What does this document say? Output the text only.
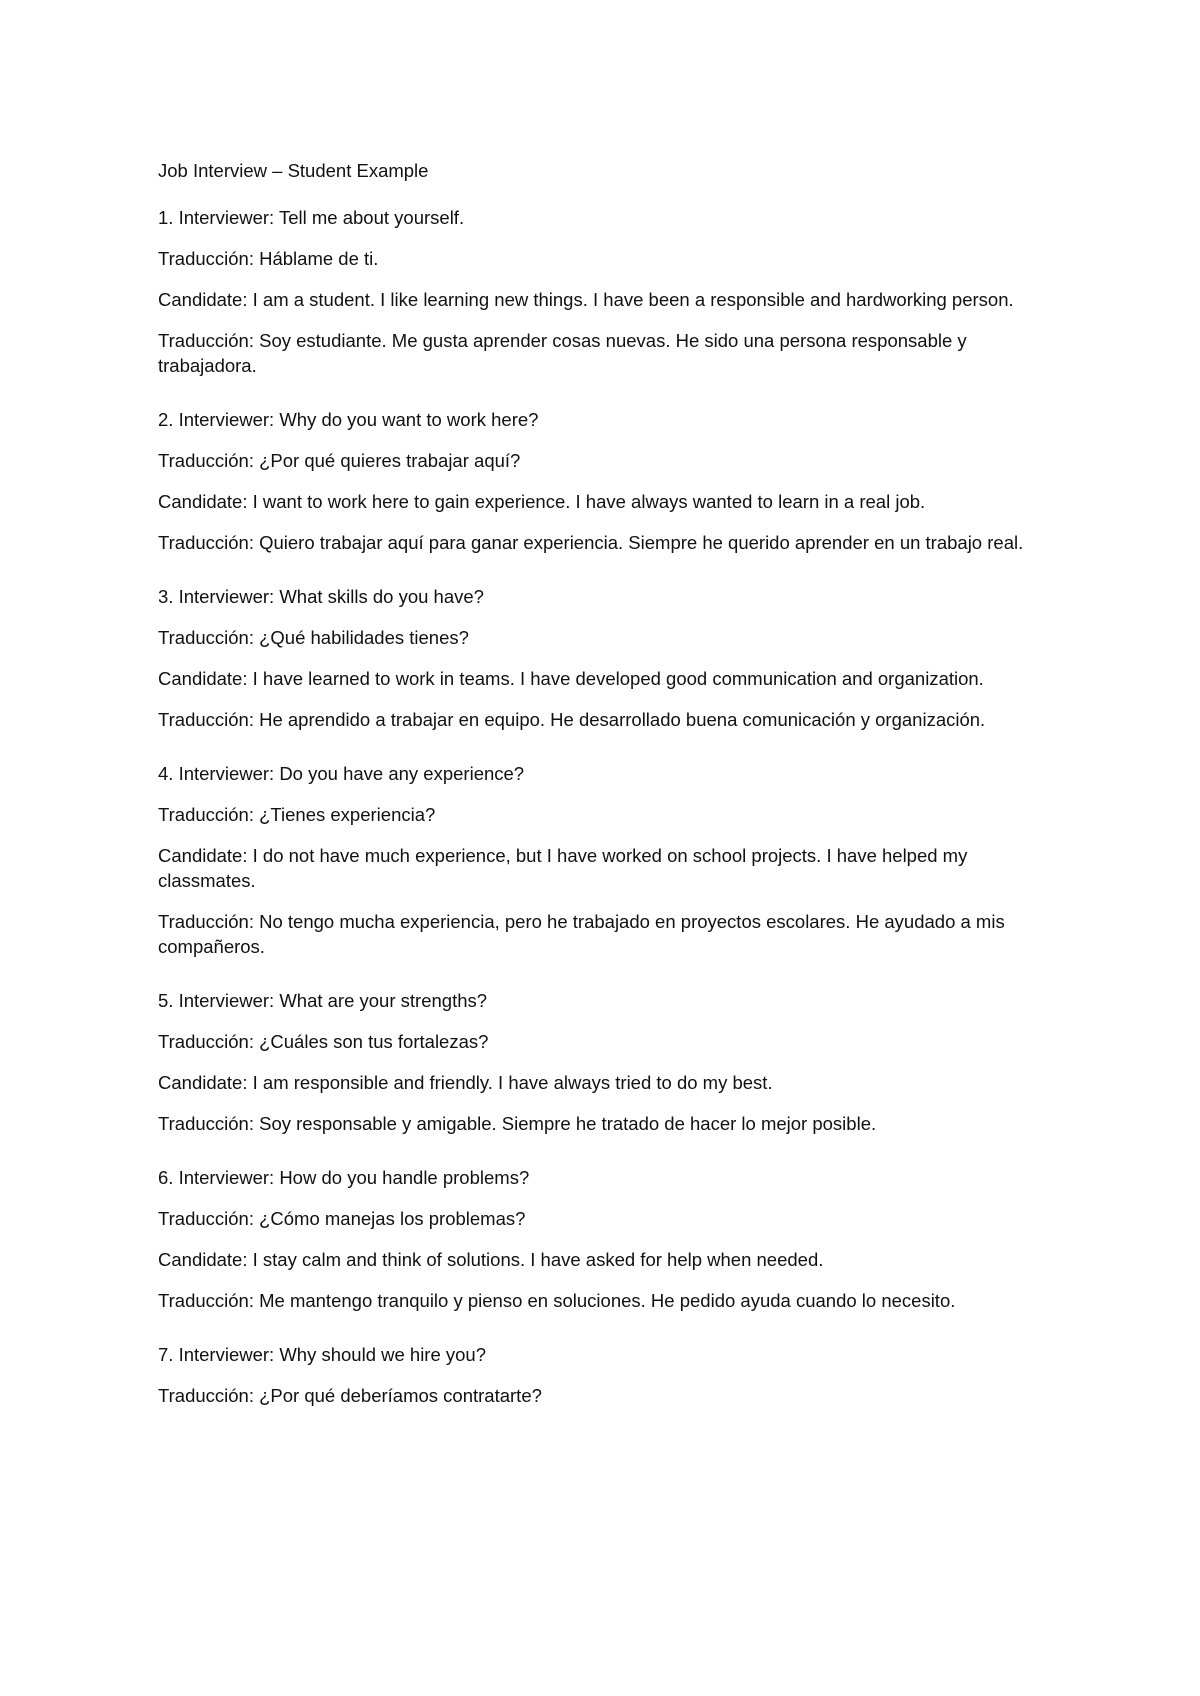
Job Interview – Student Example
1. Interviewer: Tell me about yourself.
Traducción: Háblame de ti.
Candidate: I am a student. I like learning new things. I have been a responsible and hardworking person.
Traducción: Soy estudiante. Me gusta aprender cosas nuevas. He sido una persona responsable y trabajadora.
2. Interviewer: Why do you want to work here?
Traducción: ¿Por qué quieres trabajar aquí?
Candidate: I want to work here to gain experience. I have always wanted to learn in a real job.
Traducción: Quiero trabajar aquí para ganar experiencia. Siempre he querido aprender en un trabajo real.
3. Interviewer: What skills do you have?
Traducción: ¿Qué habilidades tienes?
Candidate: I have learned to work in teams. I have developed good communication and organization.
Traducción: He aprendido a trabajar en equipo. He desarrollado buena comunicación y organización.
4. Interviewer: Do you have any experience?
Traducción: ¿Tienes experiencia?
Candidate: I do not have much experience, but I have worked on school projects. I have helped my classmates.
Traducción: No tengo mucha experiencia, pero he trabajado en proyectos escolares. He ayudado a mis compañeros.
5. Interviewer: What are your strengths?
Traducción: ¿Cuáles son tus fortalezas?
Candidate: I am responsible and friendly. I have always tried to do my best.
Traducción: Soy responsable y amigable. Siempre he tratado de hacer lo mejor posible.
6. Interviewer: How do you handle problems?
Traducción: ¿Cómo manejas los problemas?
Candidate: I stay calm and think of solutions. I have asked for help when needed.
Traducción: Me mantengo tranquilo y pienso en soluciones. He pedido ayuda cuando lo necesito.
7. Interviewer: Why should we hire you?
Traducción: ¿Por qué deberíamos contratarte?
